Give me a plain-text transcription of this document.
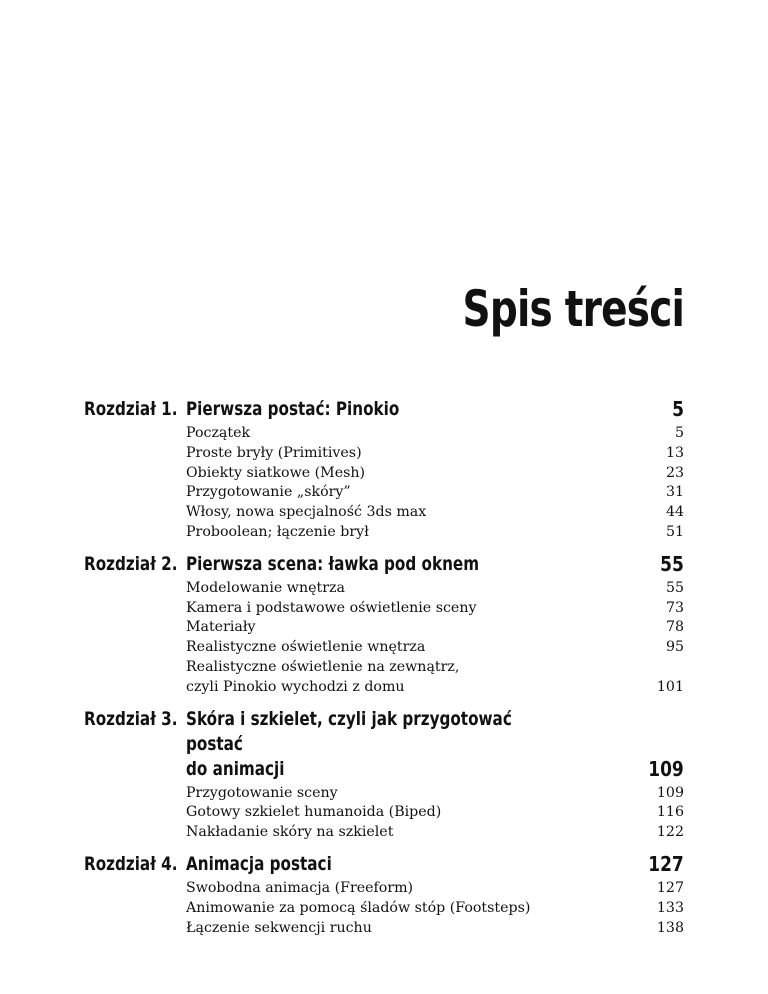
Spis treści
Rozdział 1. Pierwsza postać: Pinokio	5
Początek	5
Proste bryły (Primitives)	13
Obiekty siatkowe (Mesh)	23
Przygotowanie „skóry”	31
Włosy, nowa specjalność 3ds max	44
Proboolean; łączenie brył	51
Rozdział 2. Pierwsza scena: ławka pod oknem	55
Modelowanie wnętrza	55
Kamera i podstawowe oświetlenie sceny	73
Materiały	78
Realistyczne oświetlenie wnętrza	95
Realistyczne oświetlenie na zewnątrz,
czyli Pinokio wychodzi z domu	101
Rozdział 3. Skóra i szkielet, czyli jak przygotować postać
do animacji	109
Przygotowanie sceny	109
Gotowy szkielet humanoida (Biped)	116
Nakładanie skóry na szkielet	122
Rozdział 4. Animacja postaci	127
Swobodna animacja (Freeform)	127
Animowanie za pomocą śladów stóp (Footsteps)	133
Łączenie sekwencji ruchu	138
